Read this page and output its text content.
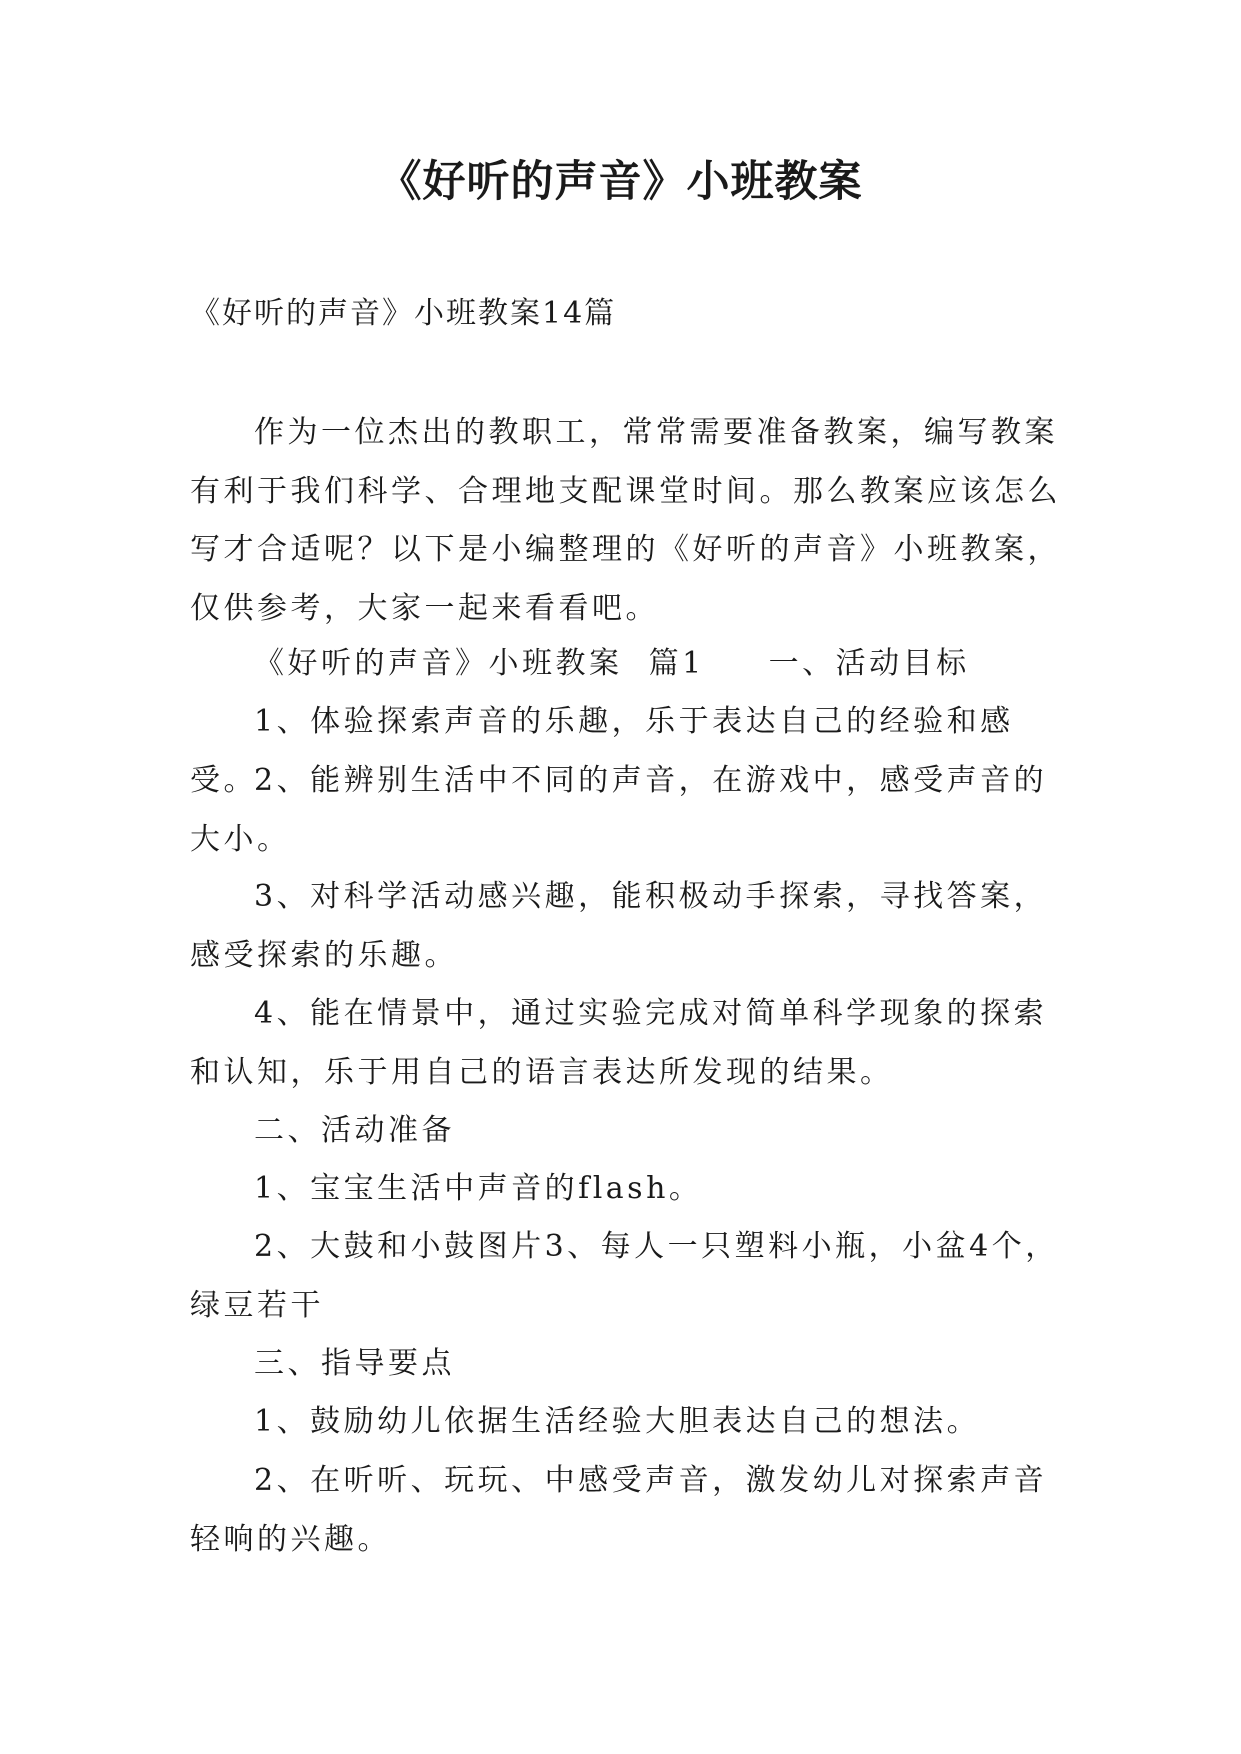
《好听的声音》小班教案

《好听的声音》小班教案14篇

作为一位杰出的教职工，常常需要准备教案，编写教案有利于我们科学、合理地支配课堂时间。那么教案应该怎么写才合适呢？以下是小编整理的《好听的声音》小班教案，仅供参考，大家一起来看看吧。

《好听的声音》小班教案  篇1 一、活动目标

1、体验探索声音的乐趣，乐于表达自己的经验和感受。

2、能辨别生活中不同的声音，在游戏中，感受声音的大小。

3、对科学活动感兴趣，能积极动手探索，寻找答案，感受探索的乐趣。

4、能在情景中，通过实验完成对简单科学现象的探索和认知，乐于用自己的语言表达所发现的结果。

二、活动准备

1、宝宝生活中声音的flash。

2、大鼓和小鼓图片3、每人一只塑料小瓶，小盆4个，绿豆若干

三、指导要点

1、鼓励幼儿依据生活经验大胆表达自己的想法。

2、在听听、玩玩、中感受声音，激发幼儿对探索声音轻响的兴趣。
